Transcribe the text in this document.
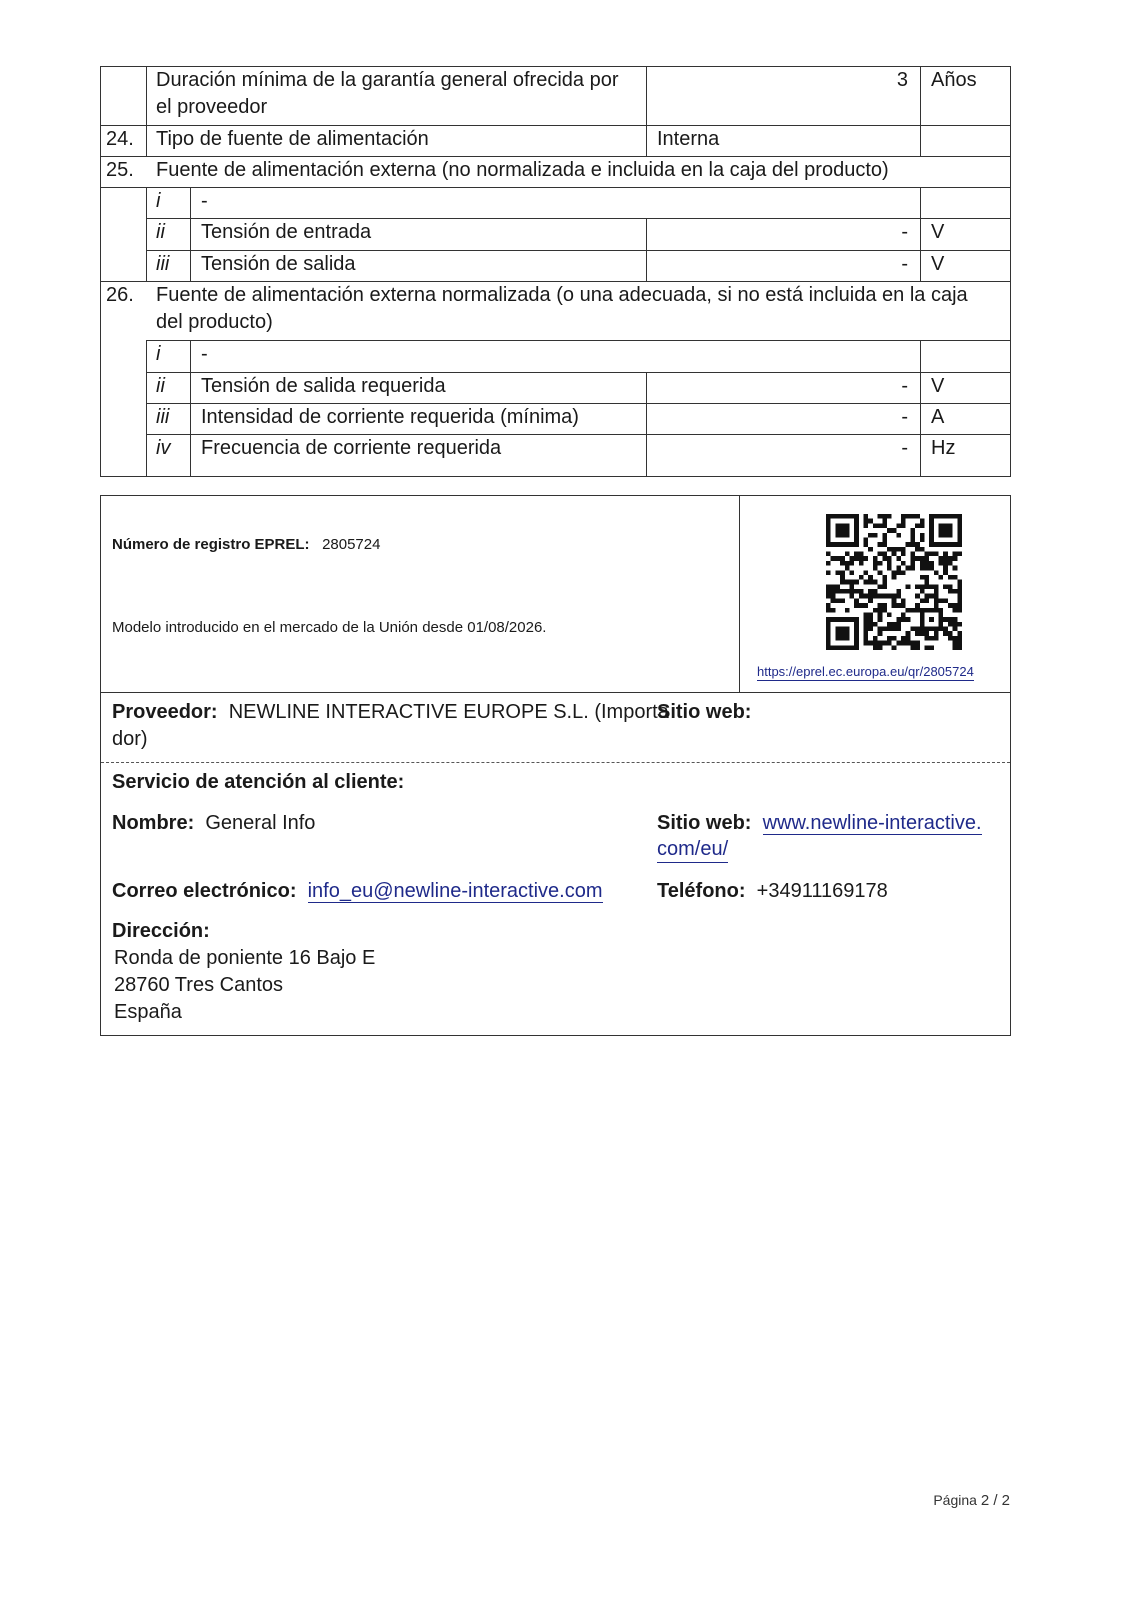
Duración mínima de la garantía general ofrecida por
el proveedor
3 Años
24. Tipo de fuente de alimentación	Interna
25. Fuente de alimentación externa (no normalizada e incluida en la caja del producto)
i -
ii Tensión de entrada	- V
iii Tensión de salida	- V
26. Fuente de alimentación externa normalizada (o una adecuada, si no está incluida en la caja
del producto)
i -
ii Tensión de salida requerida	- V
iii Intensidad de corriente requerida (mínima)	- A
iv Frecuencia de corriente requerida	- Hz
Número de registro EPREL: 2805724
Modelo introducido en el mercado de la Unión desde 01/08/2026.
https://eprel.ec.europa.eu/qr/2805724
Proveedor: NEWLINE INTERACTIVE EUROPE S.L. (Importa
dor)
Sitio web:
Servicio de atención al cliente:
Nombre: General Info	Sitio web: www.newline-interactive.
com/eu/
Correo electrónico: info_eu@newline-interactive.com	Teléfono: +34911169178
Dirección:
Ronda de poniente 16 Bajo E
28760 Tres Cantos
España
Página 2 / 2
